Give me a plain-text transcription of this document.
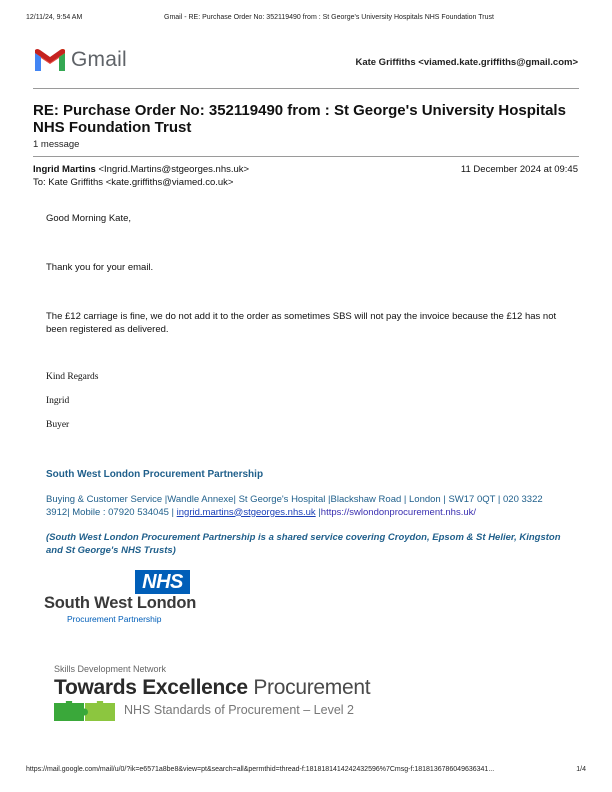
12/11/24, 9:54 AM	Gmail - RE: Purchase Order No: 352119490 from : St George's University Hospitals NHS Foundation Trust
Gmail	Kate Griffiths <viamed.kate.griffiths@gmail.com>
RE: Purchase Order No: 352119490 from : St George's University Hospitals NHS Foundation Trust
1 message
Ingrid Martins <Ingrid.Martins@stgeorges.nhs.uk>	11 December 2024 at 09:45
To: Kate Griffiths <kate.griffiths@viamed.co.uk>
Good Morning Kate,
Thank you for your email.
The £12 carriage is fine, we do not add it to the order as sometimes SBS will not pay the invoice because the £12 has not been registered as delivered.
Kind Regards
Ingrid
Buyer
South West London Procurement Partnership
Buying & Customer Service |Wandle Annexe| St George's Hospital |Blackshaw Road | London | SW17 0QT | 020 3322 3912| Mobile : 07920 534045 | ingrid.martins@stgeorges.nhs.uk |https://swlondonprocurement.nhs.uk/
(South West London Procurement Partnership is a shared service covering Croydon, Epsom & St Helier, Kingston and St George's NHS Trusts)
NHS
South West London
Procurement Partnership
Skills Development Network
Towards Excellence Procurement
NHS Standards of Procurement – Level 2
https://mail.google.com/mail/u/0/?ik=e6571a8be8&view=pt&search=all&permthid=thread-f:1818181414242432596%7Cmsg-f:1818136786049636341...	1/4
